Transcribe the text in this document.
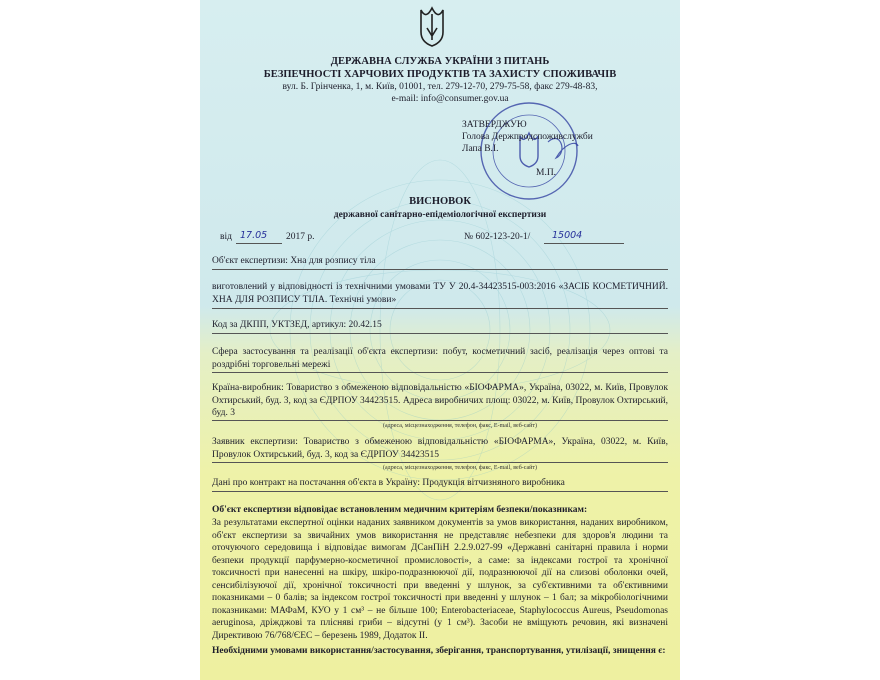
ДЕРЖАВНА СЛУЖБА УКРАЇНИ З ПИТАНЬ
БЕЗПЕЧНОСТІ ХАРЧОВИХ ПРОДУКТІВ ТА ЗАХИСТУ СПОЖИВАЧІВ
вул. Б. Грінченка, 1, м. Київ, 01001, тел. 279-12-70, 279-75-58, факс 279-48-83,
e-mail: info@consumer.gov.ua
ЗАТВЕРДЖУЮ
Голова Держпродспоживслужби
Лапа В.І.
М.П.
ВИСНОВОК
державної санітарно-епідеміологічної експертизи
від 17.05 2017 р.	№ 602-123-20-1/ 15004
Об'єкт експертизи: Хна для розпису тіла
виготовлений у відповідності із технічними умовами ТУ У 20.4-34423515-003:2016 «ЗАСІБ КОСМЕТИЧНИЙ. ХНА ДЛЯ РОЗПИСУ ТІЛА. Технічні умови»
Код за ДКПП, УКТЗЕД, артикул: 20.42.15
Сфера застосування та реалізації об'єкта експертизи: побут, косметичний засіб, реалізація через оптові та роздрібні торговельні мережі
Країна-виробник: Товариство з обмеженою відповідальністю «БІОФАРМА», Україна, 03022, м. Київ, Провулок Охтирський, буд. 3, код за ЄДРПОУ 34423515. Адреса виробничих площ: 03022, м. Київ, Провулок Охтирський, буд. 3
(адреса, місцезнаходження, телефон, факс, E-mail, веб-сайт)
Заявник експертизи: Товариство з обмеженою відповідальністю «БІОФАРМА», Україна, 03022, м. Київ, Провулок Охтирський, буд. 3, код за ЄДРПОУ 34423515
(адреса, місцезнаходження, телефон, факс, E-mail, веб-сайт)
Дані про контракт на постачання об'єкта в Україну: Продукція вітчизняного виробника
Об'єкт експертизи відповідає встановленим медичним критеріям безпеки/показникам:
За результатами експертної оцінки наданих заявником документів за умов використання, наданих виробником, об'єкт експертизи за звичайних умов використання не представляє небезпеки для здоров'я людини та оточуючого середовища і відповідає вимогам ДСанПіН 2.2.9.027-99 «Державні санітарні правила і норми безпеки продукції парфумерно-косметичної промисловості», а саме: за індексами гострої та хронічної токсичності при нанесенні на шкіру, шкіро-подразнюючої дії, подразнюючої дії на слизові оболонки очей, сенсибілізуючої дії, хронічної токсичності при введенні у шлунок, за суб'єктивними та об'єктивними показниками – 0 балів; за індексом гострої токсичності при введенні у шлунок – 1 бал; за мікробіологічними показниками: МАФаМ, КУО у 1 см³ – не більше 100; Enterobacteriaceae, Staphylococcus Aureus, Pseudomonas aeruginosa, дріжджові та плісняві гриби – відсутні (у 1 см³). Засоби не вміщують речовин, які визначені Директивою 76/768/ЄЕС – березень 1989, Додаток ІІ.
Необхідними умовами використання/застосування, зберігання, транспортування, утилізації, знищення є:
